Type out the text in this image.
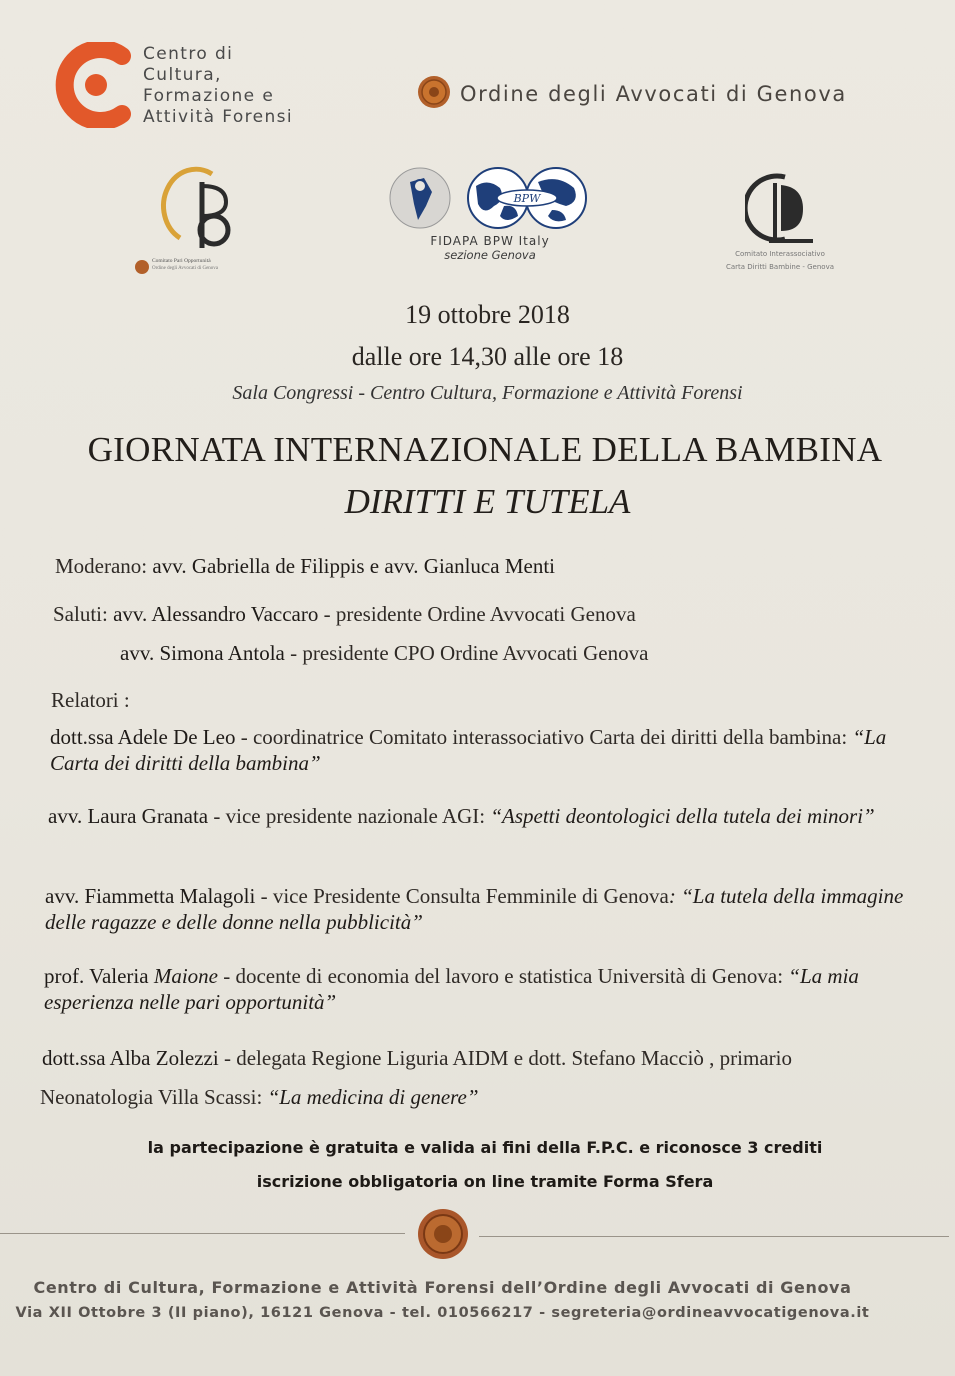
Centro di
Cultura,
Formazione e
Attività Forensi
Ordine degli Avvocati di Genova
Comitato Pari Opportunità
Ordine degli Avvocati di Genova
BPW
FIDAPA BPW Italy
sezione Genova	Comitato Interassociativo
Carta Diritti Bambine - Genova
19 ottobre 2018
dalle ore 14,30 alle ore 18
Sala Congressi - Centro Cultura, Formazione e Attività Forensi
GIORNATA INTERNAZIONALE DELLA BAMBINA
DIRITTI E TUTELA
Moderano: avv. Gabriella de Filippis e avv. Gianluca Menti
Saluti: avv. Alessandro Vaccaro - presidente Ordine Avvocati Genova
avv. Simona Antola - presidente CPO Ordine Avvocati Genova
Relatori :
dott.ssa Adele De Leo - coordinatrice Comitato interassociativo Carta dei diritti della bambina: “La Carta dei diritti della bambina”
avv. Laura Granata - vice presidente nazionale AGI: “Aspetti deontologici della tutela dei minori”
avv. Fiammetta Malagoli - vice Presidente Consulta Femminile di Genova: “La tutela della immagine delle ragazze e delle donne nella pubblicità”
prof. Valeria Maione - docente di economia del lavoro e statistica Università di Genova: “La mia esperienza nelle pari opportunità”
dott.ssa Alba Zolezzi - delegata Regione Liguria AIDM e dott. Stefano Macciò , primario
Neonatologia Villa Scassi: “La medicina di genere”
la partecipazione è gratuita e valida ai fini della F.P.C. e riconosce 3 crediti
iscrizione obbligatoria on line tramite Forma Sfera
Centro di Cultura, Formazione e Attività Forensi dell’Ordine degli Avvocati di Genova
Via XII Ottobre 3 (II piano), 16121 Genova - tel. 010566217 - segreteria@ordineavvocatigenova.it
